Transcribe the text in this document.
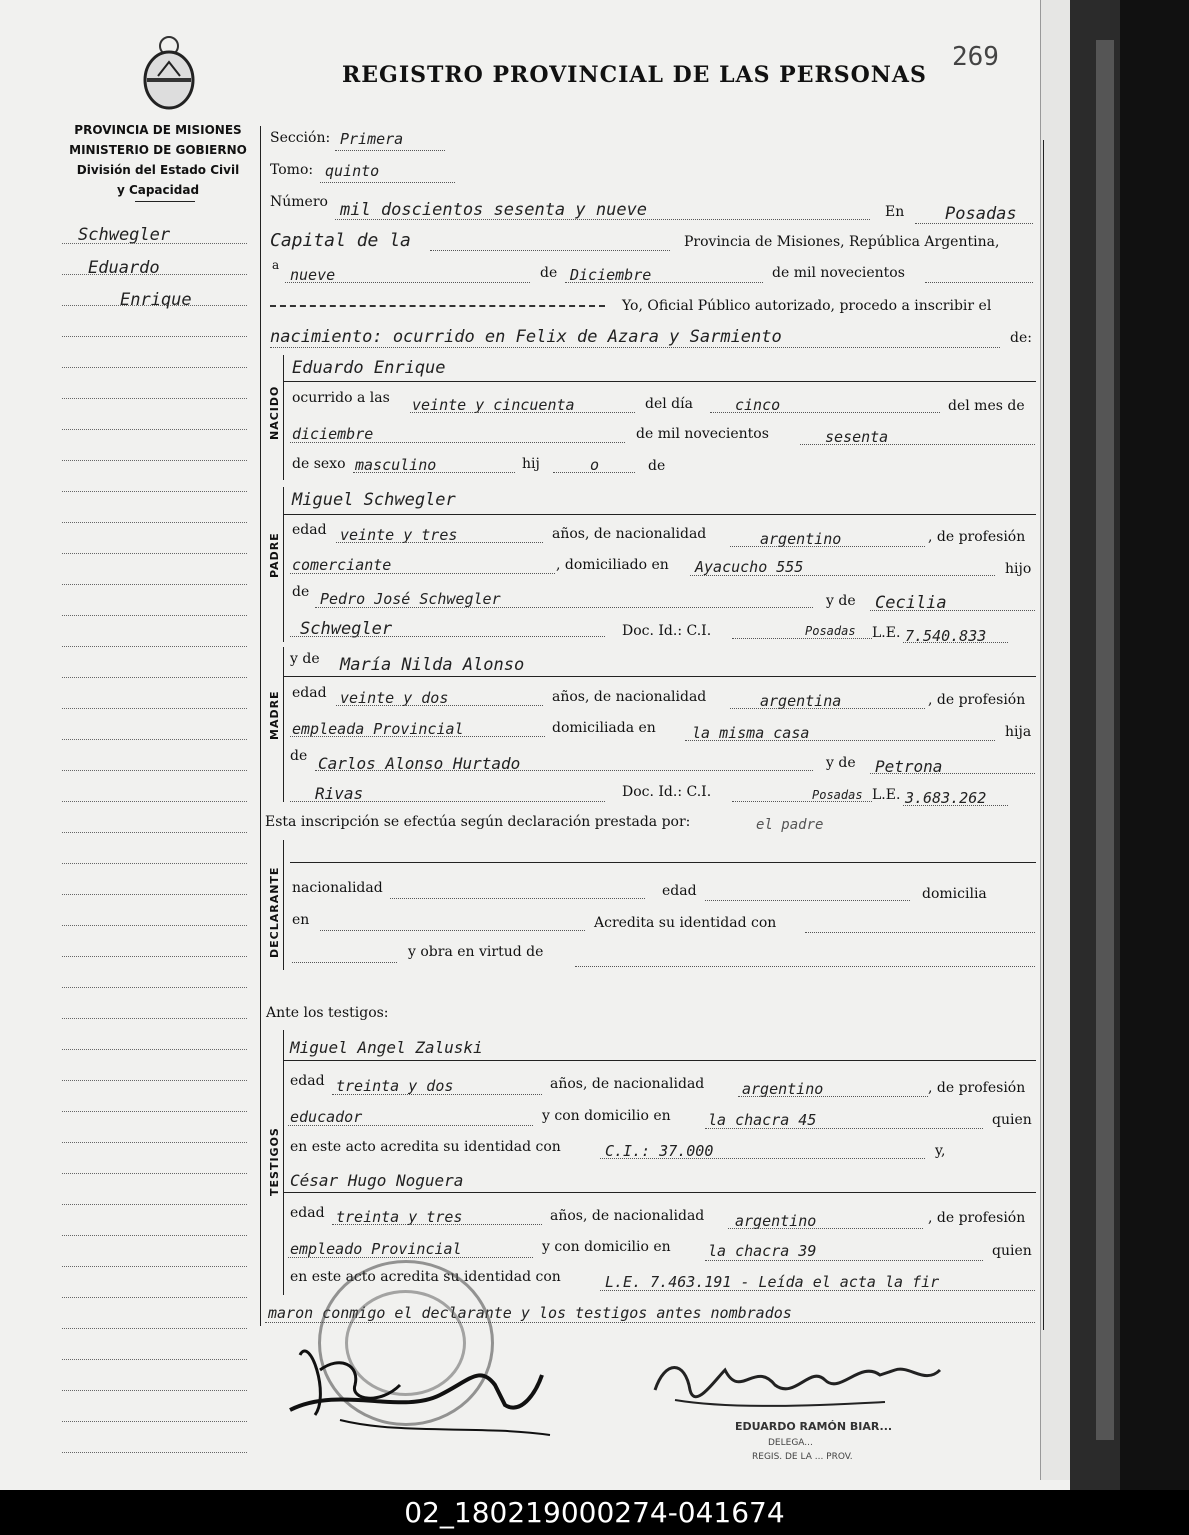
REGISTRO PROVINCIAL DE LAS PERSONAS
269
PROVINCIA DE MISIONES
MINISTERIO DE GOBIERNO
División del Estado Civil
y Capacidad
Schwegler
Eduardo
Enrique
Sección: Primera
Tomo: quinto
Número mil doscientos sesenta y nueve	En Posadas
Capital de la	Provincia de Misiones, República Argentina,
a
nueve	de Diciembre	de mil novecientos
Yo, Oficial Público autorizado, procedo a inscribir el
nacimiento: ocurrido en Felix de Azara y Sarmiento	de:
NACIDO
Eduardo Enrique
ocurrido a las veinte y cincuenta	del día	cinco	del mes de
diciembre	de mil novecientos	sesenta
de sexo masculino	hij	o	de
PADRE
Miguel Schwegler
edad veinte y tres	años, de nacionalidad	argentino	, de profesión
comerciante	, domiciliado en Ayacucho 555	hijo
de Pedro José Schwegler	y de Cecilia
Schwegler	Doc. Id.: C.I.	Posadas L.E. 7.540.833
MADRE
y de María Nilda Alonso
edad veinte y dos	años, de nacionalidad	argentina	, de profesión
empleada Provincial	domiciliada en la misma casa	hija
de Carlos Alonso Hurtado	y de Petrona
Rivas	Doc. Id.: C.I.	Posadas L.E. 3.683.262
Esta inscripción se efectúa según declaración prestada por:	el padre
DECLARANTE nacionalidad	edad	domicilia
en	Acredita su identidad con
y obra en virtud de
Ante los testigos:
TESTIGOS
Miguel Angel Zaluski
edad treinta y dos	años, de nacionalidad	argentino	, de profesión
educador	y con domicilio en la chacra 45	quien
en este acto acredita su identidad con	C.I.: 37.000	y,
César Hugo Noguera
edad treinta y tres	años, de nacionalidad argentino	, de profesión
empleado Provincial	y con domicilio en la chacra 39	quien
en este acto acredita su identidad con	L.E. 7.463.191 - Leída el acta la fir
maron conmigo el declarante y los testigos antes nombrados
EDUARDO RAMÓN BIAR...
DELEGA...
REGIS. DE LA ... PROV.
02_180219000274-041674
